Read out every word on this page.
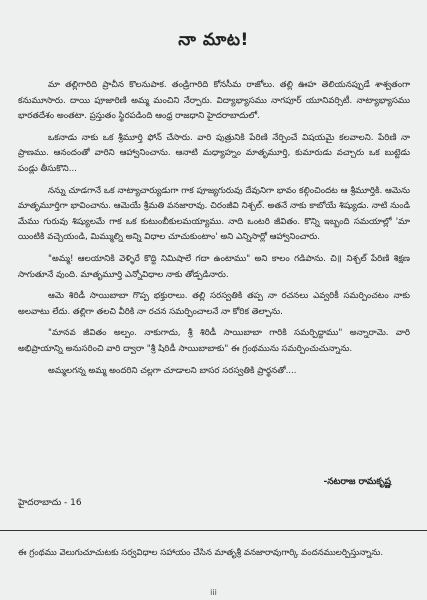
నా మాట!

మా తల్లిగారిది ప్రాచీన కొలనుపాక. తండ్రిగారిది కోనసీమ రాజోలు. తల్లి ఊహ తెలియనప్పుడే శాశ్వతంగా కనుమూసారు. దాయి పూజారిణి అమ్మ మంచిని నేర్పారు. విద్యాభ్యాసము నాగపూర్ యూనివర్సిటీ. నాట్యాభ్యాసము భారతదేశం అంతటా. ప్రస్తుతం స్థిరపడింది ఆంధ్ర రాజధాని హైదరాబాదులో.

ఒకనాడు నాకు ఒక శ్రీమూర్తి ఫోన్ చేసారు. వారి పుత్రునికి పేరిణి నేర్పించే విషయమై కలవాలని. పేరిణి నా ప్రాణము. ఆనందంతో వారిని ఆహ్వానించాను. ఆనాటి మధ్యాహ్నం మాతృమూర్తి, కుమారుడు వచ్చారు ఒక బుట్టెడు పండ్లు తీసుకొని...

నన్ను చూడగానే ఒక నాట్యాచార్యుడుగా గాక పూజ్యగురువు దేవునిగా భావం కల్గించిందట ఆ శ్రీమూర్తికి. ఆమెను మాతృమూర్తిగా భావించాను. ఆమెయే శ్రీమతి వనజారావు. చిరంజీవి నిశ్చల్. అతనే నాకు కాబోయే శిష్యుడు. నాటి నుండి మేము గురువు శిష్యులమే గాక ఒక కుటుంబీకులమయ్యాము. నాది ఒంటరి జీవితం. కొన్ని ఇబ్బంది సమయాల్లో 'మా యింటికి వచ్చెయండి, మిమ్ముల్ని అన్ని విధాల చూచుకుంటాం' అని ఎన్నిసార్లో ఆహ్వానించారు.

"అమ్మ! ఆలయానికి వెళ్ళిరే కొద్ది నిమిషాలే గదా ఉంటాము" అని కాలం గడిపాను. చి॥ నిశ్చల్ పేరిణి శిక్షణ సాగుతూనే వుంది. మాతృమూర్తి ఎన్నోవిధాల నాకు తోడ్పడినారు.

ఆమె శిరిడీ సాయిబాబా గొప్ప భక్తురాలు. తల్లి సరస్వతికి తప్ప నా రచనలు ఎవ్వరికీ సమర్పించటం నాకు అలవాటు లేదు. తల్లిగా తలచి వీరికి నా రచన సమర్పించాలనే నా కోరిక తెల్పాను.

"మానవ జీవితం అల్పం. నాకుగాదు, శ్రీ శిరిడీ సాయిబాబా గారికి సమర్పిద్దాము" అన్నారామె. వారి అభిప్రాయాన్ని అనుసరించి వారి ద్వారా "శ్రీ షిరిడీ సాయిబాబాకు" ఈ గ్రంథమును సమర్పించుచున్నాను.

అమ్మలగన్న అమ్మ అందరిని చల్లగా చూడాలని బాసర సరస్వతికి ప్రార్థనతో....

-నటరాజ రామకృష్ణ
హైదరాబాదు - 16
ఈ గ్రంథము వెలుగుచూచుటకు సర్వవిధాల సహాయం చేసిన మాతృశ్రీ వనజారావుగార్కి వందనములర్పిస్తున్నాను.
iii
